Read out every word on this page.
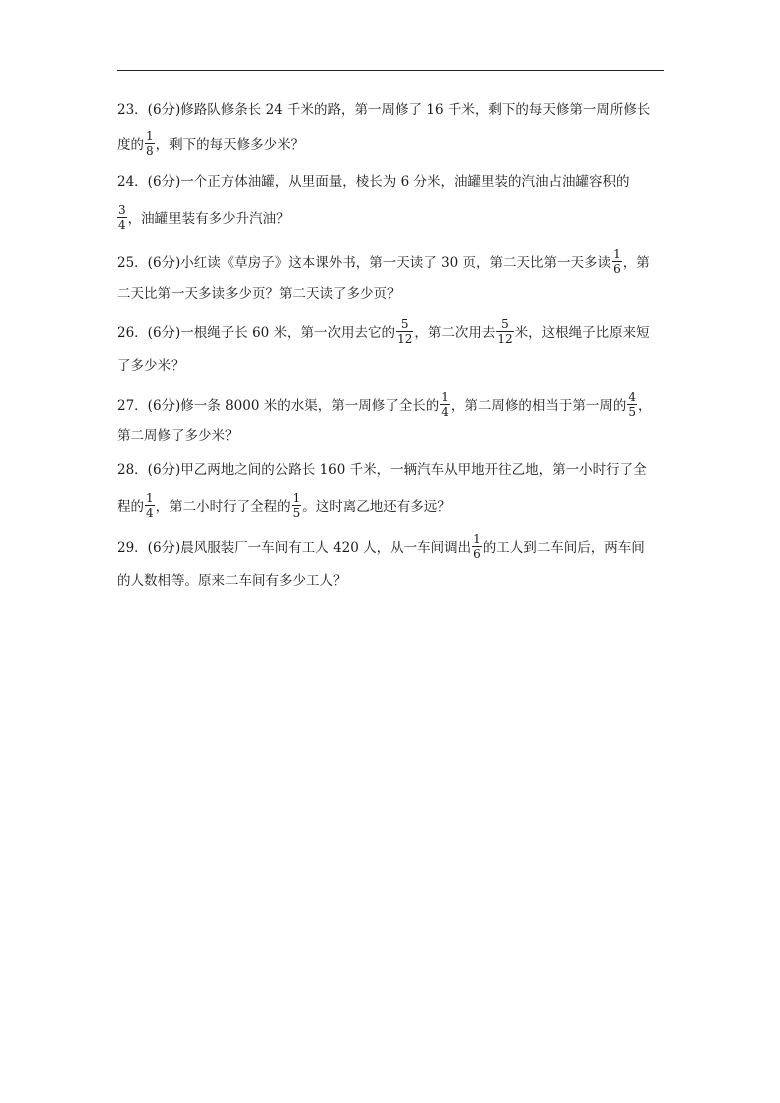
23．(6分)修路队修条长 24 千米的路，第一周修了 16 千米，剩下的每天修第一周所修长
度的 $\frac{1}{8}$ ，剩下的每天修多少米？
24．(6分)一个正方体油罐，从里面量，棱长为 6 分米，油罐里装的汽油占油罐容积的
$\frac{3}{4}$ ，油罐里装有多少升汽油？
25．(6分)小红读《草房子》这本课外书，第一天读了 30 页，第二天比第一天多读 $\frac{1}{6}$ ，第
二天比第一天多读多少页？第二天读了多少页？
26．(6分)一根绳子长 60 米，第一次用去它的 $\frac{5}{12}$ ，第二次用去 $\frac{5}{12}$ 米，这根绳子比原来短
了多少米？
27．(6分)修一条 8000 米的水渠，第一周修了全长的 $\frac{1}{4}$ ，第二周修的相当于第一周的 $\frac{4}{5}$ ，
第二周修了多少米？
28．(6分)甲乙两地之间的公路长 160 千米，一辆汽车从甲地开往乙地，第一小时行了全
程的 $\frac{1}{4}$ ，第二小时行了全程的 $\frac{1}{5}$ 。这时离乙地还有多远？
29．(6分)晨风服装厂一车间有工人 420 人，从一车间调出 $\frac{1}{6}$ 的工人到二车间后，两车间
的人数相等。原来二车间有多少工人？
